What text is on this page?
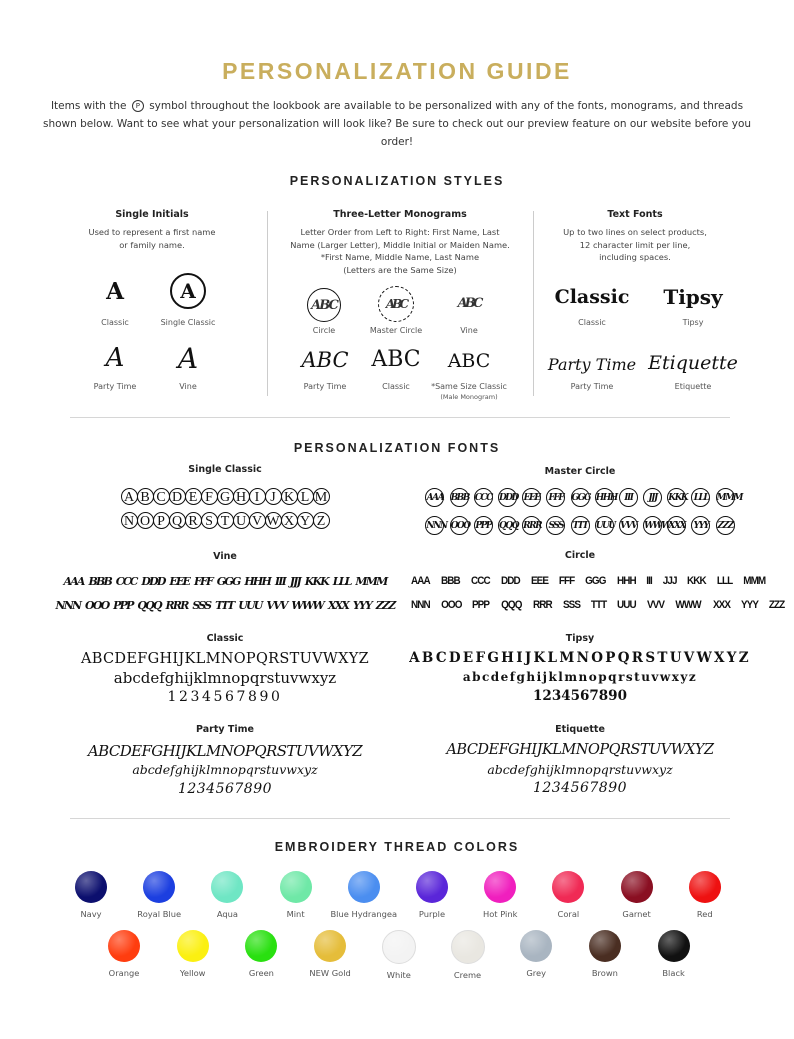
PERSONALIZATION GUIDE
Items with the P symbol throughout the lookbook are available to be personalized with any of the fonts, monograms, and threads shown below. Want to see what your personalization will look like? Be sure to check out our preview feature on our website before you order!
PERSONALIZATION STYLES
Single Initials
Used to represent a first name
or family name.
A
Classic
A
Single Classic
A
Party Time
A
Vine
Three-Letter Monograms
Letter Order from Left to Right: First Name, Last
Name (Larger Letter), Middle Initial or Maiden Name.
*First Name, Middle Name, Last Name
(Letters are the Same Size)
ABC
Circle
ABC
Master Circle
ABC
Vine
ABC
Party Time
ABC
Classic
ABC
*Same Size Classic
(Male Monogram)
Text Fonts
Up to two lines on select products,
12 character limit per line,
including spaces.
Classic
Classic
Tipsy
Tipsy
Party Time
Party Time
Etiquette
Etiquette
PERSONALIZATION FONTS
Single Classic
A B C D E F G H I J K L M
N O P Q R S T U V W X Y Z
Vine
AAA BBB CCC DDD EEE FFF GGG HHH III JJJ KKK LLL MMM
NNN OOO PPP QQQ RRR SSS TTT UUU VVV WWW XXX YYY ZZZ
Classic
ABCDEFGHIJKLMNOPQRSTUVWXYZ
abcdefghijklmnopqrstuvwxyz
1234567890
Party Time
ABCDEFGHIJKLMNOPQRSTUVWXYZ
abcdefghijklmnopqrstuvwxyz
1234567890
Master Circle
AAA BBB CCC DDD EEE FFF GGG HHH III JJJ KKK LLL MMM
NNN OOO PPP QQQ RRR SSS TTT UUU VVV WWWXXX YYY ZZZ
Circle
AAA BBB CCC DDD EEE FFF GGG HHH III JJJ KKK LLL MMM
NNN OOO PPP QQQ RRR SSS TTT UUU VVV WWW XXX YYY ZZZ
Tipsy
ABCDEFGHIJKLMNOPQRSTUVWXYZ
abcdefghijklmnopqrstuvwxyz
1234567890
Etiquette
ABCDEFGHIJKLMNOPQRSTUVWXYZ
abcdefghijklmnopqrstuvwxyz
1234567890
EMBROIDERY THREAD COLORS
Navy	Royal Blue	Aqua	Mint	Blue Hydrangea	Purple	Hot Pink	Coral	Garnet	Red
Orange	Yellow	Green	NEW Gold	White	Creme	Grey	Brown	Black
